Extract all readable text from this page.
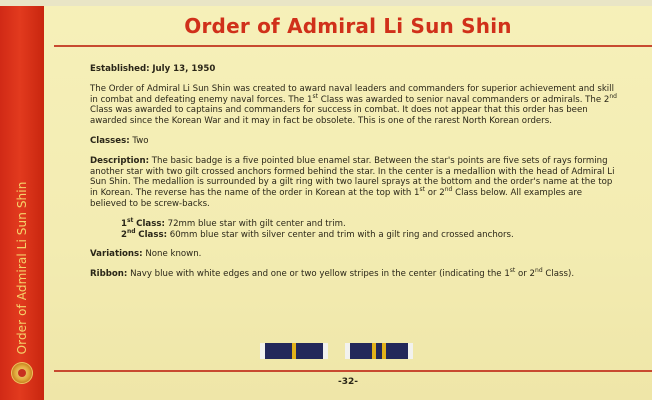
Order of Admiral Li Sun Shin
Order of Admiral Li Sun Shin

Established: July 13, 1950

The Order of Admiral Li Sun Shin was created to award naval leaders and commanders for superior achievement and skill in combat and defeating enemy naval forces. The 1st Class was awarded to senior naval commanders or admirals. The 2nd Class was awarded to captains and commanders for success in combat. It does not appear that this order has been awarded since the Korean War and it may in fact be obsolete. This is one of the rarest North Korean orders.

Classes: Two

Description: The basic badge is a five pointed blue enamel star. Between the star's points are five sets of rays forming another star with two gilt crossed anchors formed behind the star. In the center is a medallion with the head of Admiral Li Sun Shin. The medallion is surrounded by a gilt ring with two laurel sprays at the bottom and the order's name at the top in Korean. The reverse has the name of the order in Korean at the top with 1st or 2nd Class below. All examples are believed to be screw-backs.

1st Class: 72mm blue star with gilt center and trim.
2nd Class: 60mm blue star with silver center and trim with a gilt ring and crossed anchors.

Variations: None known.

Ribbon: Navy blue with white edges and one or two yellow stripes in the center (indicating the 1st or 2nd Class).

-32-
